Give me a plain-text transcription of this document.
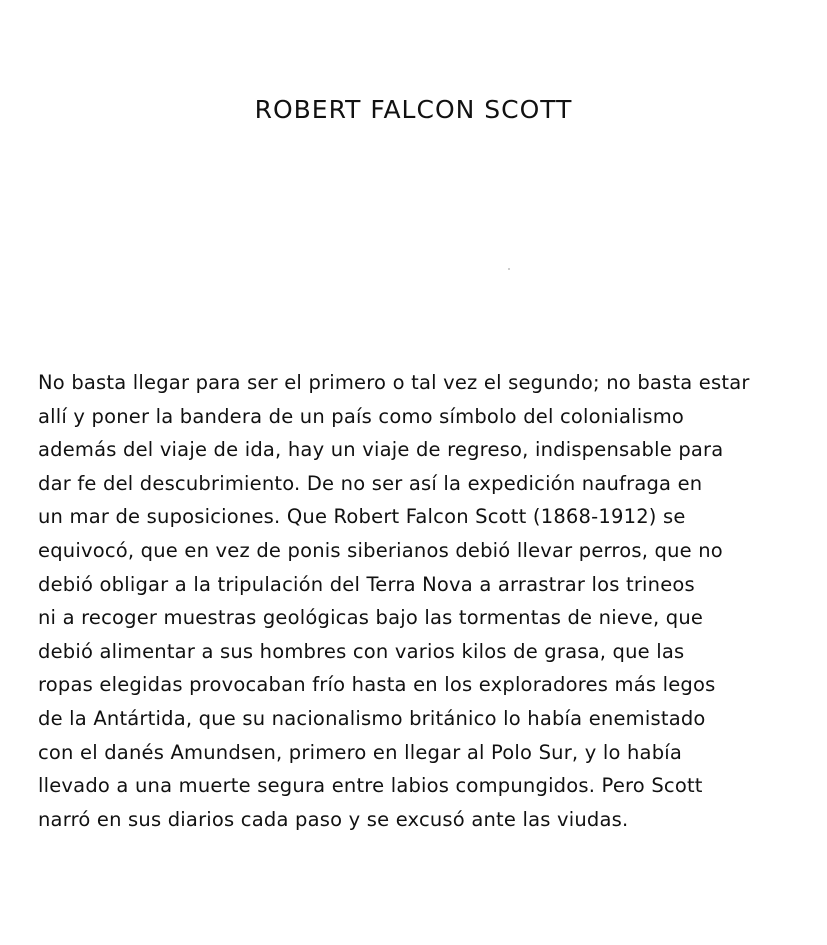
ROBERT FALCON SCOTT
No basta llegar para ser el primero o tal vez el segundo; no basta estar
allí y poner la bandera de un país como símbolo del colonialismo
además del viaje de ida, hay un viaje de regreso, indispensable para
dar fe del descubrimiento. De no ser así la expedición naufraga en
un mar de suposiciones. Que Robert Falcon Scott (1868-1912) se
equivocó, que en vez de ponis siberianos debió llevar perros, que no
debió obligar a la tripulación del Terra Nova a arrastrar los trineos
ni a recoger muestras geológicas bajo las tormentas de nieve, que
debió alimentar a sus hombres con varios kilos de grasa, que las
ropas elegidas provocaban frío hasta en los exploradores más legos
de la Antártida, que su nacionalismo británico lo había enemistado
con el danés Amundsen, primero en llegar al Polo Sur, y lo había
llevado a una muerte segura entre labios compungidos. Pero Scott
narró en sus diarios cada paso y se excusó ante las viudas.
